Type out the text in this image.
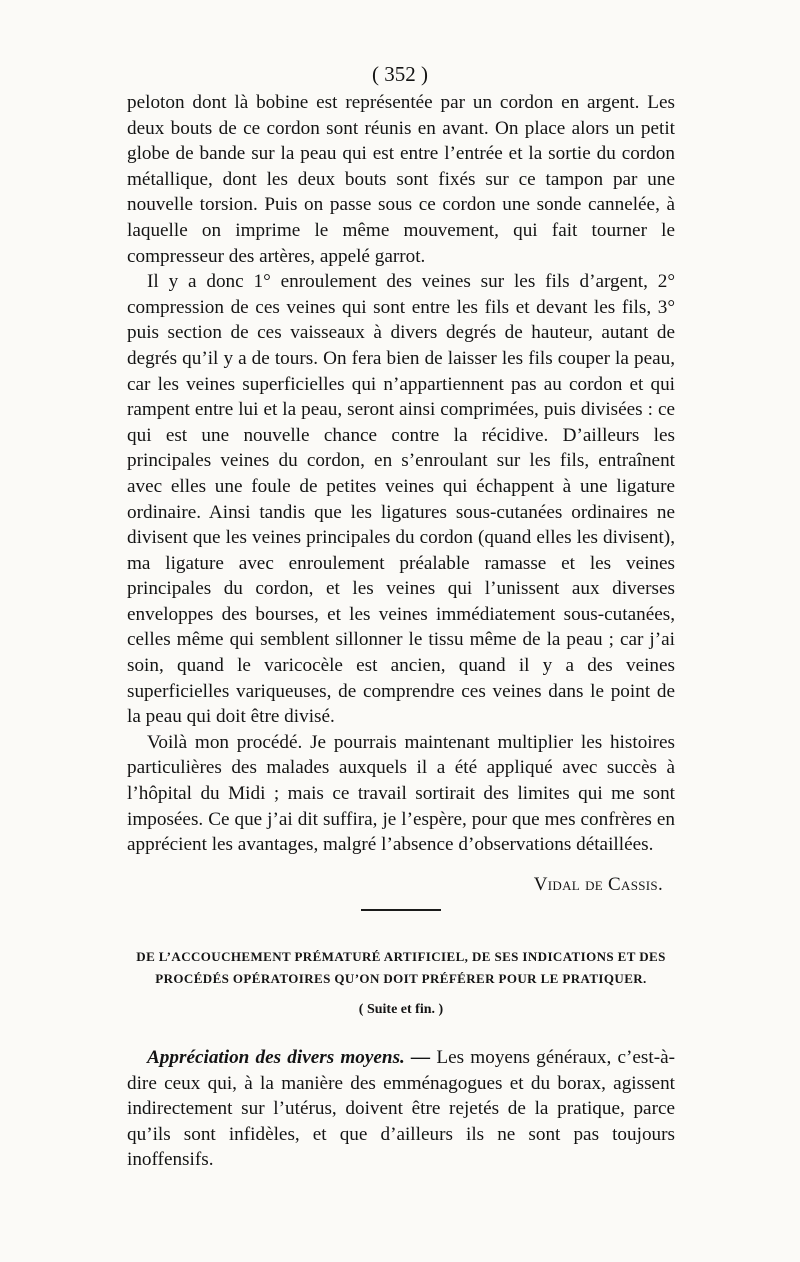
( 352 )

peloton dont là bobine est représentée par un cordon en argent. Les deux bouts de ce cordon sont réunis en avant. On place alors un petit globe de bande sur la peau qui est entre l’entrée et la sortie du cordon métallique, dont les deux bouts sont fixés sur ce tampon par une nouvelle torsion. Puis on passe sous ce cordon une sonde cannelée, à laquelle on imprime le même mouvement, qui fait tourner le compresseur des artères, appelé garrot.

Il y a donc 1° enroulement des veines sur les fils d’argent, 2° compression de ces veines qui sont entre les fils et devant les fils, 3° puis section de ces vaisseaux à divers degrés de hauteur, autant de degrés qu’il y a de tours. On fera bien de laisser les fils couper la peau, car les veines superficielles qui n’appartiennent pas au cordon et qui rampent entre lui et la peau, seront ainsi comprimées, puis divisées : ce qui est une nouvelle chance contre la récidive. D’ailleurs les principales veines du cordon, en s’enroulant sur les fils, entraînent avec elles une foule de petites veines qui échappent à une ligature ordinaire. Ainsi tandis que les ligatures sous-cutanées ordinaires ne divisent que les veines principales du cordon (quand elles les divisent), ma ligature avec enroulement préalable ramasse et les veines principales du cordon, et les veines qui l’unissent aux diverses enveloppes des bourses, et les veines immédiatement sous-cutanées, celles même qui semblent sillonner le tissu même de la peau ; car j’ai soin, quand le varicocèle est ancien, quand il y a des veines superficielles variqueuses, de comprendre ces veines dans le point de la peau qui doit être divisé.

Voilà mon procédé. Je pourrais maintenant multiplier les histoires particulières des malades auxquels il a été appliqué avec succès à l’hôpital du Midi ; mais ce travail sortirait des limites qui me sont imposées. Ce que j’ai dit suffira, je l’espère, pour que mes confrères en apprécient les avantages, malgré l’absence d’observations détaillées.

Vidal de Cassis.
DE L’ACCOUCHEMENT PRÉMATURÉ ARTIFICIEL, DE SES INDICATIONS ET DES PROCÉDÉS OPÉRATOIRES QU’ON DOIT PRÉFÉRER POUR LE PRATIQUER.
( Suite et fin. )

Appréciation des divers moyens. — Les moyens généraux, c’est-à-dire ceux qui, à la manière des emménagogues et du borax, agissent indirectement sur l’utérus, doivent être rejetés de la pratique, parce qu’ils sont infidèles, et que d’ailleurs ils ne sont pas toujours inoffensifs.
